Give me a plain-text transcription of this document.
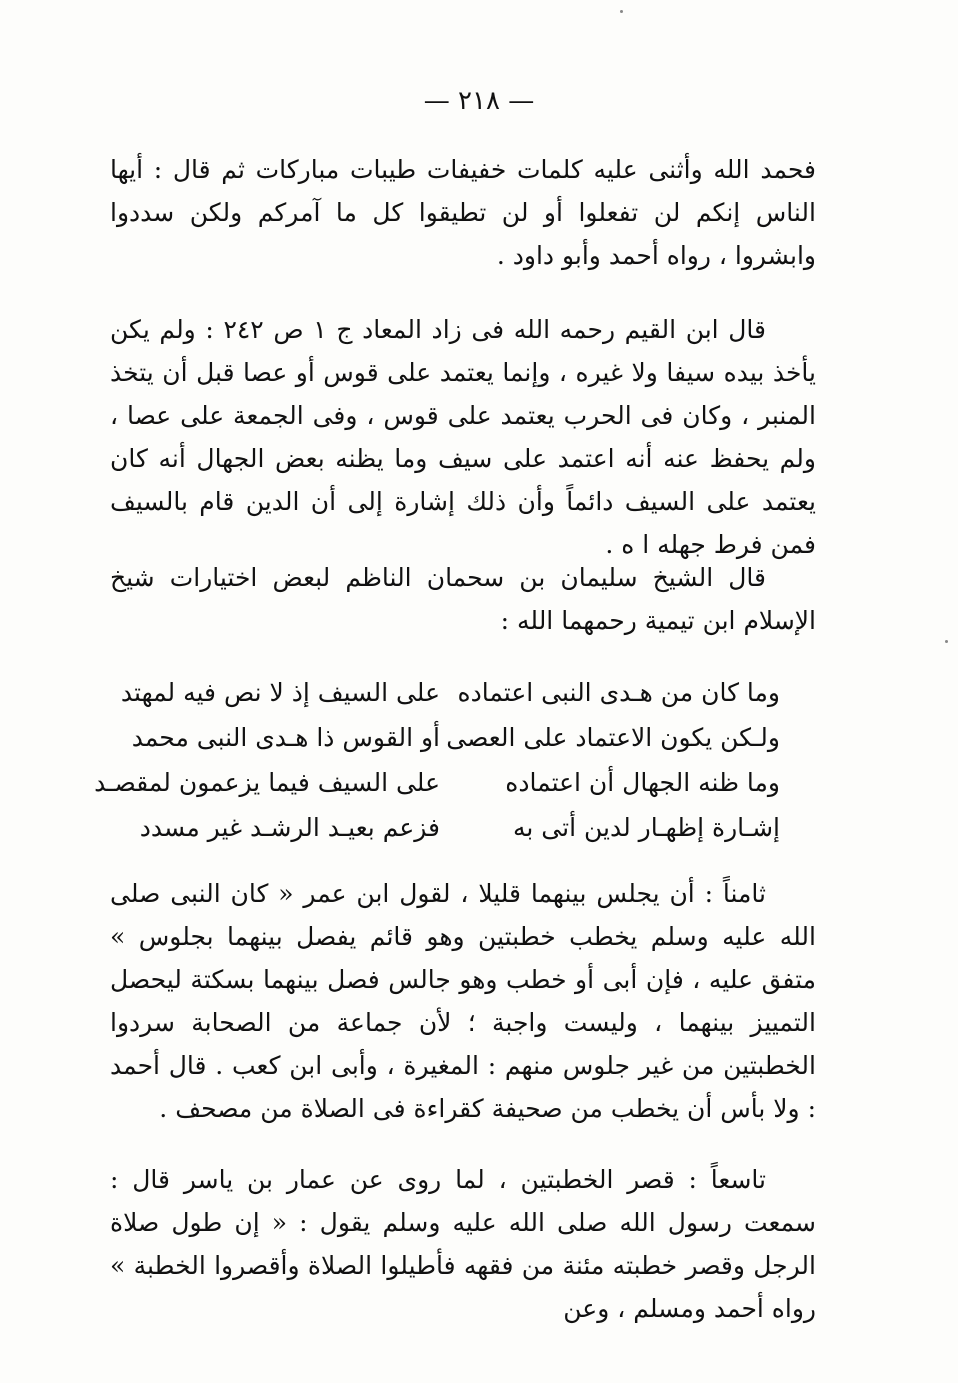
— ٢١٨ —

فحمد الله وأثنى عليه كلمات خفيفات طيبات مباركات ثم قال : أيها الناس إنكم لن تفعلوا أو لن تطيقوا كل ما آمركم ولكن سددوا وابشروا ، رواه أحمد وأبو داود .

قال ابن القيم رحمه الله فى زاد المعاد ج ١ ص ٢٤٢ : ولم يكن يأخذ بيده سيفا ولا غيره ، وإنما يعتمد على قوس أو عصا قبل أن يتخذ المنبر ، وكان فى الحرب يعتمد على قوس ، وفى الجمعة على عصا ، ولم يحفظ عنه أنه اعتمد على سيف وما يظنه بعض الجهال أنه كان يعتمد على السيف دائماً وأن ذلك إشارة إلى أن الدين قام بالسيف فمن فرط جهله ا ه .

قال الشيخ سليمان بن سحمان الناظم لبعض اختيارات شيخ الإسلام ابن تيمية رحمهما الله :

وما كان من هـدى النبى اعتماده
على السيف إذ لا نص فيه لمهتد
ولـكن يكون الاعتماد على العصى
أو القوس ذا هـدى النبى محمد
وما ظنه الجهال أن اعتماده
على السيف فيما يزعمون لمقصـد
إشـارة إظهـار لدين أتى به
فزعم بعيـد الرشـد غير مسدد

ثامناً : أن يجلس بينهما قليلا ، لقول ابن عمر « كان النبى صلى الله عليه وسلم يخطب خطبتين وهو قائم يفصل بينهما بجلوس » متفق عليه ، فإن أبى أو خطب وهو جالس فصل بينهما بسكتة ليحصل التمييز بينهما ، وليست واجبة ؛ لأن جماعة من الصحابة سردوا الخطبتين من غير جلوس منهم : المغيرة ، وأبى ابن كعب . قال أحمد : ولا بأس أن يخطب من صحيفة كقراءة فى الصلاة من مصحف .

تاسعاً : قصر الخطبتين ، لما روى عن عمار بن ياسر قال : سمعت رسول الله صلى الله عليه وسلم يقول : « إن طول صلاة الرجل وقصر خطبته مئنة من فقهه فأطيلوا الصلاة وأقصروا الخطبة » رواه أحمد ومسلم ، وعن
